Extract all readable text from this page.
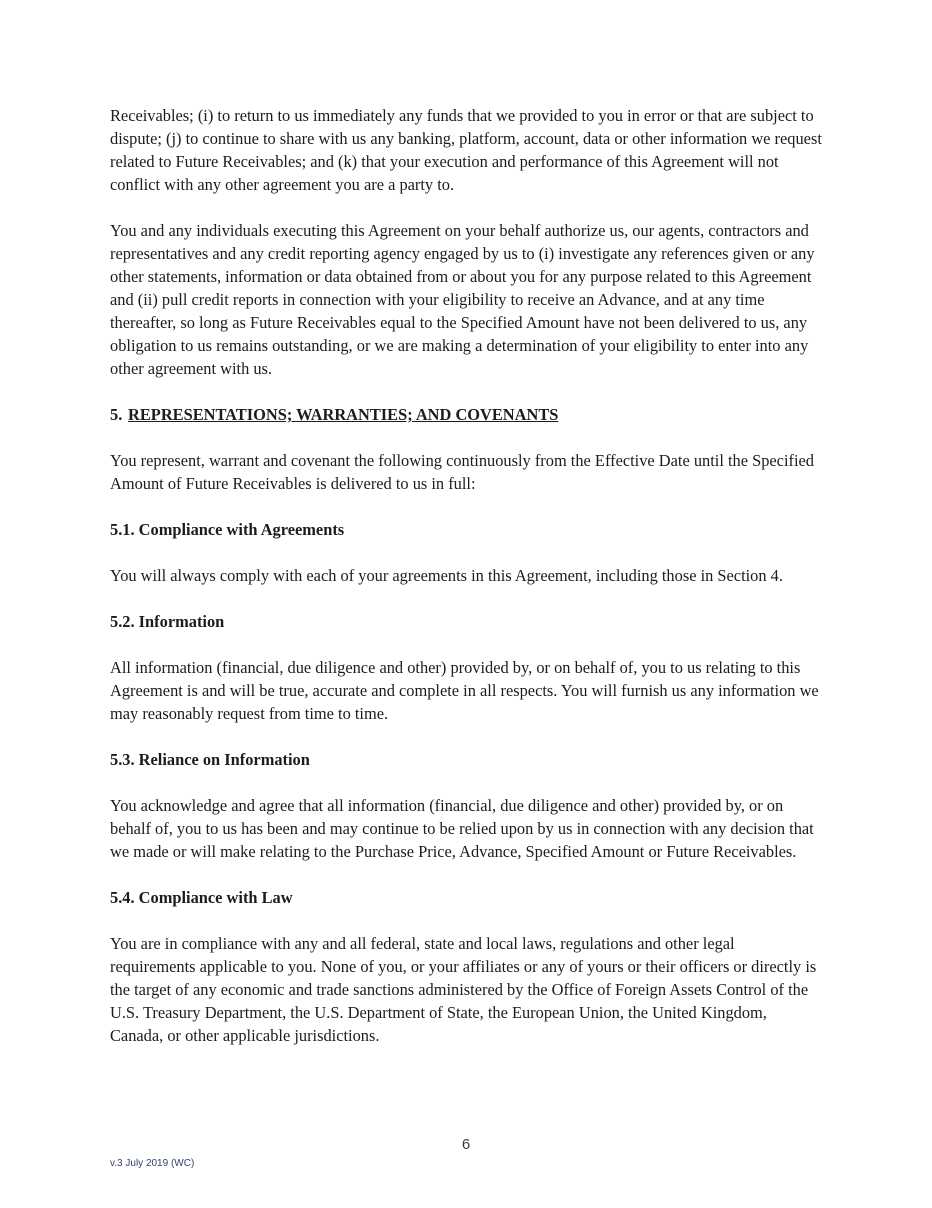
Receivables; (i) to return to us immediately any funds that we provided to you in error or that are subject to dispute; (j) to continue to share with us any banking, platform, account, data or other information we request related to Future Receivables; and (k) that your execution and performance of this Agreement will not conflict with any other agreement you are a party to.

You and any individuals executing this Agreement on your behalf authorize us, our agents, contractors and representatives and any credit reporting agency engaged by us to (i) investigate any references given or any other statements, information or data obtained from or about you for any purpose related to this Agreement and (ii) pull credit reports in connection with your eligibility to receive an Advance, and at any time thereafter, so long as Future Receivables equal to the Specified Amount have not been delivered to us, any obligation to us remains outstanding, or we are making a determination of your eligibility to enter into any other agreement with us.

5. REPRESENTATIONS; WARRANTIES; AND COVENANTS

You represent, warrant and covenant the following continuously from the Effective Date until the Specified Amount of Future Receivables is delivered to us in full:

5.1. Compliance with Agreements

You will always comply with each of your agreements in this Agreement, including those in Section 4.

5.2. Information

All information (financial, due diligence and other) provided by, or on behalf of, you to us relating to this Agreement is and will be true, accurate and complete in all respects. You will furnish us any information we may reasonably request from time to time.

5.3. Reliance on Information

You acknowledge and agree that all information (financial, due diligence and other) provided by, or on behalf of, you to us has been and may continue to be relied upon by us in connection with any decision that we made or will make relating to the Purchase Price, Advance, Specified Amount or Future Receivables.

5.4. Compliance with Law

You are in compliance with any and all federal, state and local laws, regulations and other legal requirements applicable to you. None of you, or your affiliates or any of yours or their officers or directly is the target of any economic and trade sanctions administered by the Office of Foreign Assets Control of the U.S. Treasury Department, the U.S. Department of State, the European Union, the United Kingdom, Canada, or other applicable jurisdictions.

6
v.3 July 2019 (WC)
